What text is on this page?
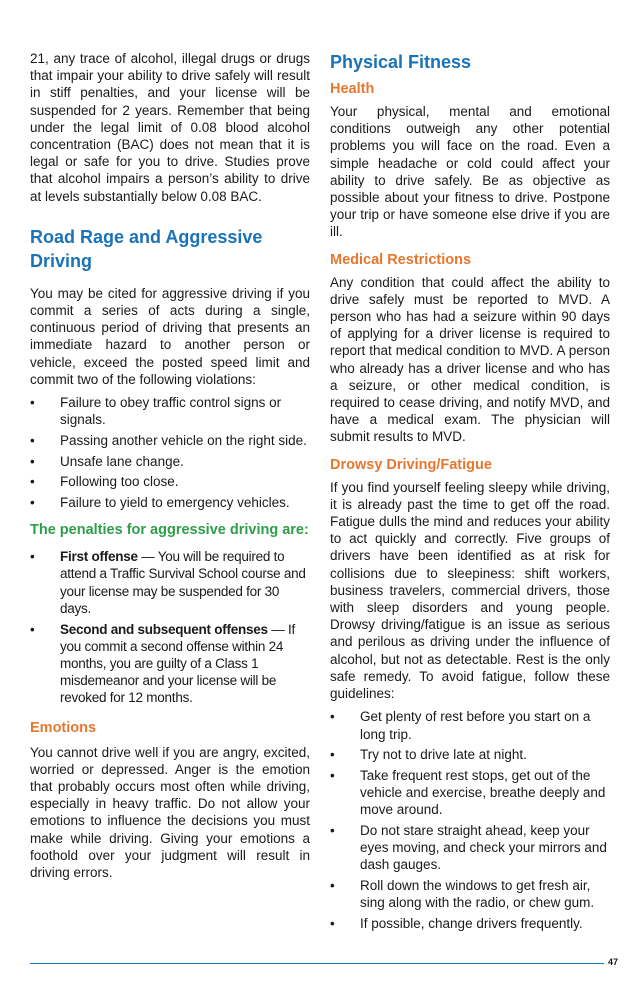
21, any trace of alcohol, illegal drugs or drugs that impair your ability to drive safely will result in stiff penalties, and your license will be suspended for 2 years. Remember that being under the legal limit of 0.08 blood alcohol concentration (BAC) does not mean that it is legal or safe for you to drive. Studies prove that alcohol impairs a person’s ability to drive at levels substantially below 0.08 BAC.

Road Rage and Aggressive Driving

You may be cited for aggressive driving if you commit a series of acts during a single, continuous period of driving that presents an immediate hazard to another person or vehicle, exceed the posted speed limit and commit two of the following violations:

•	Failure to obey traffic control signs or signals.
•	Passing another vehicle on the right side.
•	Unsafe lane change.
•	Following too close.
•	Failure to yield to emergency vehicles.
The penalties for aggressive driving are:
•	First offense — You will be required to attend a Traffic Survival School course and your license may be suspended for 30 days.
•	Second and subsequent offenses — If you commit a second offense within 24 months, you are guilty of a Class 1 misdemeanor and your license will be revoked for 12 months.
Emotions

You cannot drive well if you are angry, excited, worried or depressed. Anger is the emotion that probably occurs most often while driving, especially in heavy traffic. Do not allow your emotions to influence the decisions you must make while driving. Giving your emotions a foothold over your judgment will result in driving errors.

Physical Fitness
Health

Your physical, mental and emotional conditions outweigh any other potential problems you will face on the road. Even a simple headache or cold could affect your ability to drive safely. Be as objective as possible about your fitness to drive. Postpone your trip or have someone else drive if you are ill.

Medical Restrictions

Any condition that could affect the ability to drive safely must be reported to MVD. A person who has had a seizure within 90 days of applying for a driver license is required to report that medical condition to MVD. A person who already has a driver license and who has a seizure, or other medical condition, is required to cease driving, and notify MVD, and have a medical exam. The physician will submit results to MVD.

Drowsy Driving/Fatigue

If you find yourself feeling sleepy while driving, it is already past the time to get off the road. Fatigue dulls the mind and reduces your ability to act quickly and correctly. Five groups of drivers have been identified as at risk for collisions due to sleepiness: shift workers, business travelers, commercial drivers, those with sleep disorders and young people. Drowsy driving/fatigue is an issue as serious and perilous as driving under the influence of alcohol, but not as detectable. Rest is the only safe remedy. To avoid fatigue, follow these guidelines:

•	Get plenty of rest before you start on a long trip.
•	Try not to drive late at night.
•	Take frequent rest stops, get out of the vehicle and exercise, breathe deeply and move around.
•	Do not stare straight ahead, keep your eyes moving, and check your mirrors and dash gauges.
•	Roll down the windows to get fresh air, sing along with the radio, or chew gum.
•	If possible, change drivers frequently.
47
